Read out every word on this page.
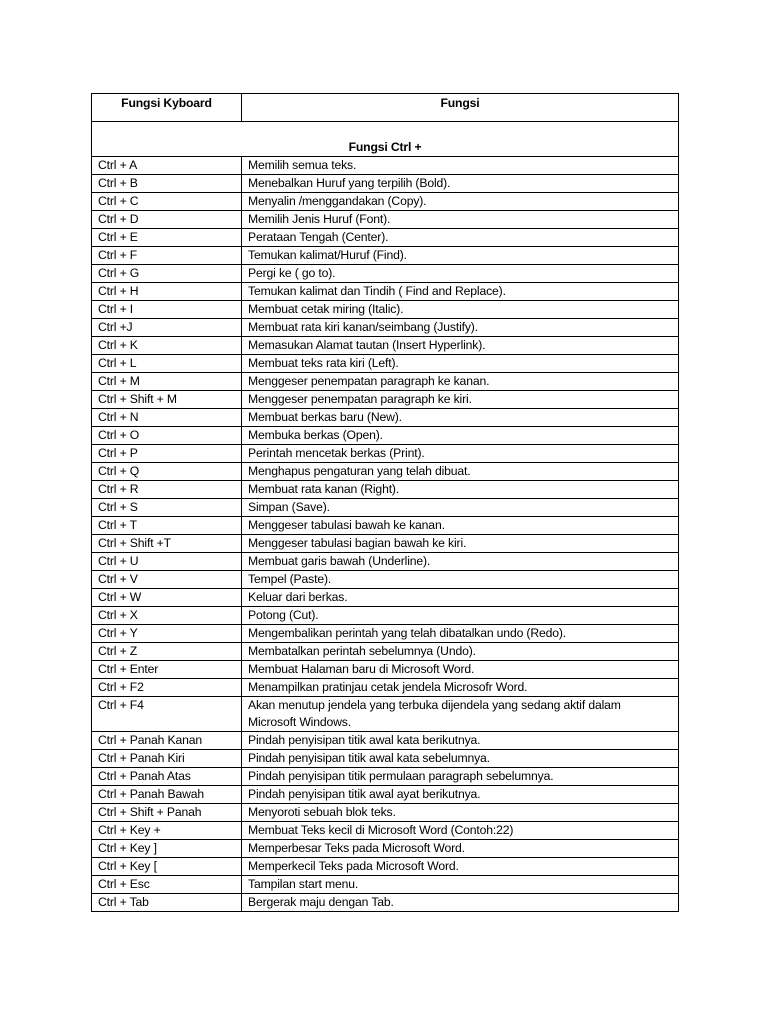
Fungsi Kyboard	Fungsi
Fungsi Ctrl +	
Ctrl + A	Memilih semua teks.
Ctrl + B	Menebalkan Huruf yang terpilih (Bold).
Ctrl + C	Menyalin /menggandakan (Copy).
Ctrl + D	Memilih Jenis Huruf (Font).
Ctrl + E	Perataan Tengah (Center).
Ctrl + F	Temukan kalimat/Huruf (Find).
Ctrl + G	Pergi ke ( go to).
Ctrl + H	Temukan kalimat dan Tindih ( Find and Replace).
Ctrl + I	Membuat cetak miring (Italic).
Ctrl +J	Membuat rata kiri kanan/seimbang (Justify).
Ctrl + K	Memasukan Alamat tautan (Insert Hyperlink).
Ctrl + L	Membuat teks rata kiri (Left).
Ctrl + M	Menggeser penempatan paragraph ke kanan.
Ctrl + Shift + M	Menggeser penempatan paragraph ke kiri.
Ctrl + N	Membuat berkas baru (New).
Ctrl + O	Membuka berkas (Open).
Ctrl + P	Perintah mencetak berkas (Print).
Ctrl + Q	Menghapus pengaturan yang telah dibuat.
Ctrl + R	Membuat rata kanan (Right).
Ctrl + S	Simpan (Save).
Ctrl + T	Menggeser tabulasi bawah ke kanan.
Ctrl + Shift +T	Menggeser tabulasi bagian bawah ke kiri.
Ctrl + U	Membuat garis bawah (Underline).
Ctrl + V	Tempel (Paste).
Ctrl + W	Keluar dari berkas.
Ctrl + X	Potong (Cut).
Ctrl + Y	Mengembalikan perintah yang telah dibatalkan undo (Redo).
Ctrl + Z	Membatalkan perintah sebelumnya (Undo).
Ctrl + Enter	Membuat Halaman baru di Microsoft Word.
Ctrl + F2	Menampilkan pratinjau cetak jendela Microsofr Word.
Ctrl + F4	Akan menutup jendela yang terbuka dijendela yang sedang aktif dalam Microsoft Windows.
Ctrl + Panah Kanan	Pindah penyisipan titik awal kata berikutnya.
Ctrl + Panah Kiri	Pindah penyisipan titik awal kata sebelumnya.
Ctrl + Panah Atas	Pindah penyisipan titik permulaan paragraph sebelumnya.
Ctrl + Panah Bawah	Pindah penyisipan titik awal ayat berikutnya.
Ctrl + Shift + Panah	Menyoroti sebuah blok teks.
Ctrl + Key +	Membuat Teks kecil di Microsoft Word (Contoh:22)
Ctrl + Key ]	Memperbesar Teks pada Microsoft Word.
Ctrl + Key [	Memperkecil Teks pada Microsoft Word.
Ctrl + Esc	Tampilan start menu.
Ctrl + Tab	Bergerak maju dengan Tab.
